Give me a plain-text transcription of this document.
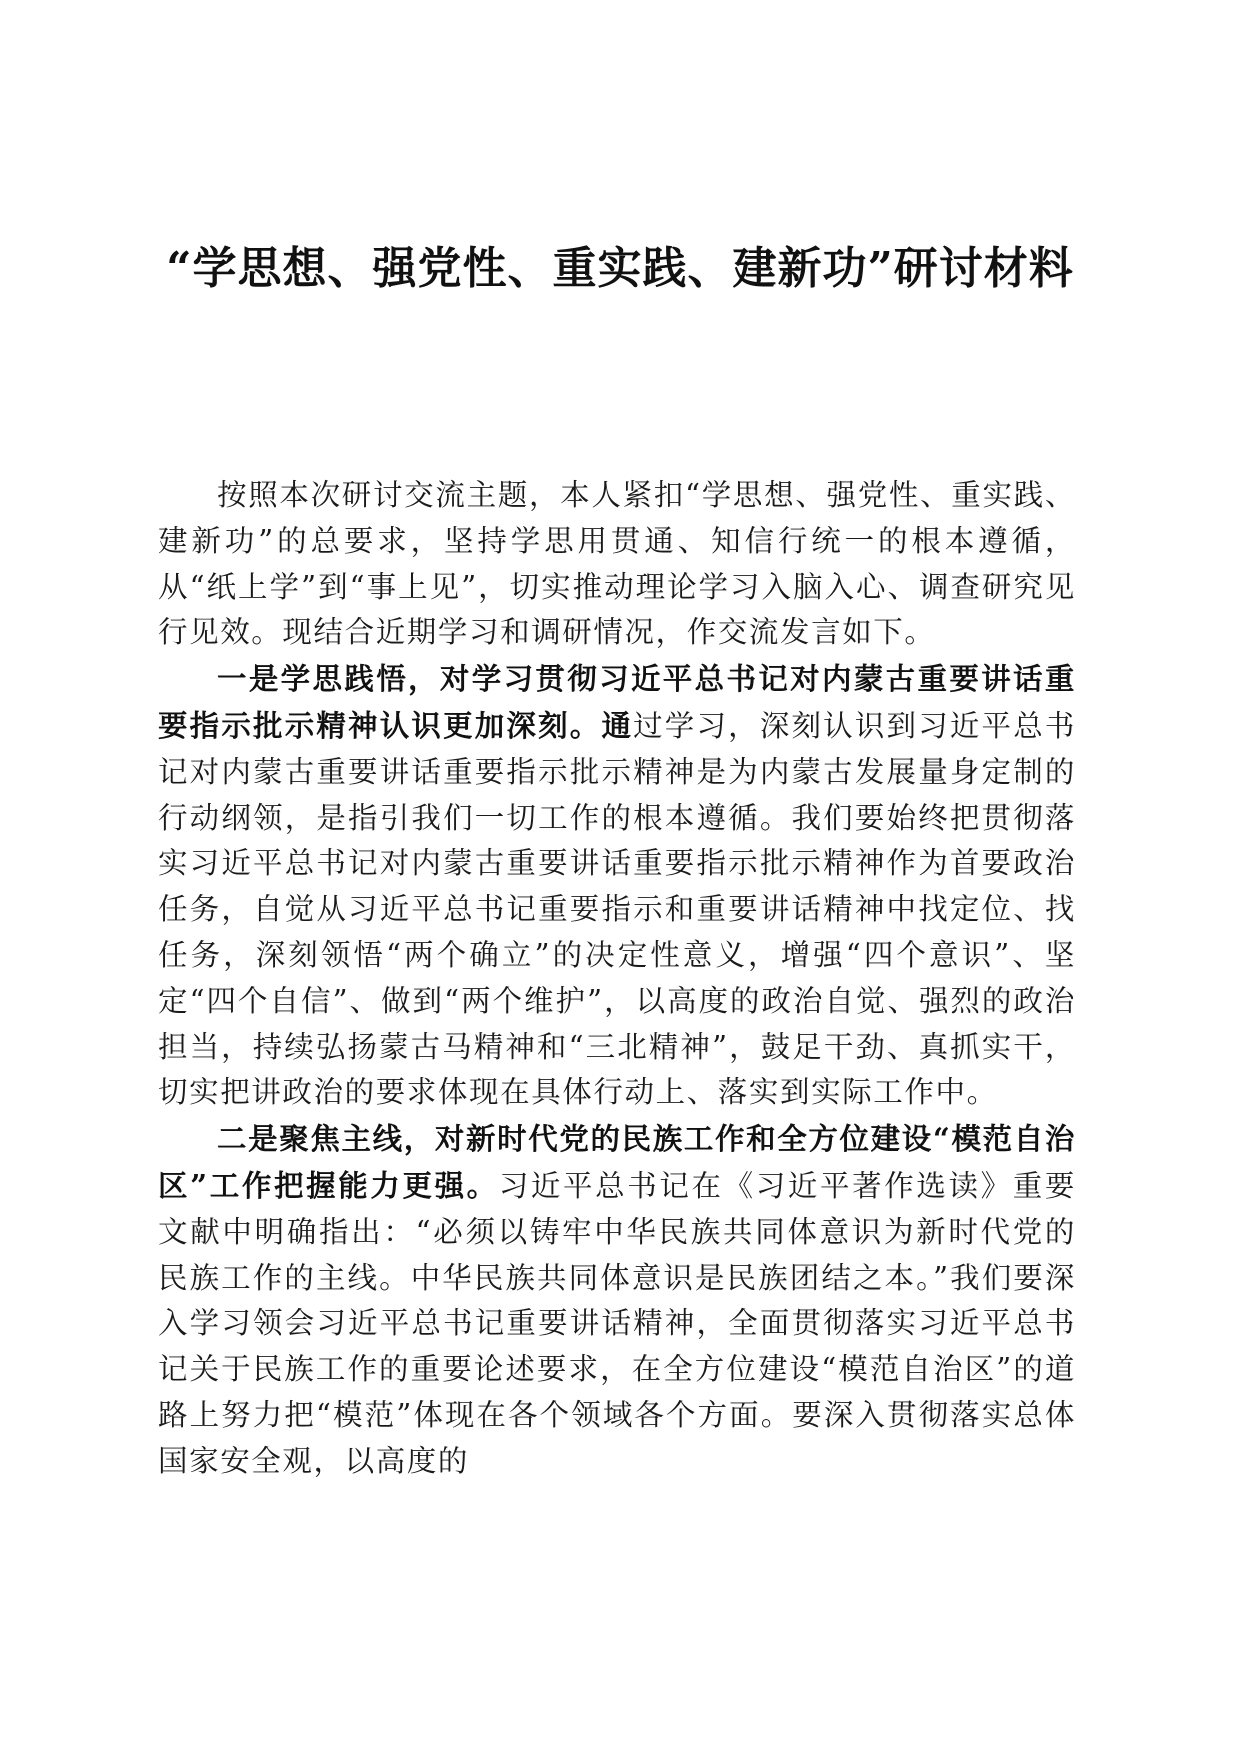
“学思想、强党性、重实践、建新功”研讨材料

按照本次研讨交流主题，本人紧扣“学思想、强党性、重实践、建新功”的总要求，坚持学思用贯通、知信行统一的根本遵循，从“纸上学”到“事上见”，切实推动理论学习入脑入心、调查研究见行见效。现结合近期学习和调研情况，作交流发言如下。

一是学思践悟，对学习贯彻习近平总书记对内蒙古重要讲话重要指示批示精神认识更加深刻。通过学习，深刻认识到习近平总书记对内蒙古重要讲话重要指示批示精神是为内蒙古发展量身定制的行动纲领，是指引我们一切工作的根本遵循。我们要始终把贯彻落实习近平总书记对内蒙古重要讲话重要指示批示精神作为首要政治任务，自觉从习近平总书记重要指示和重要讲话精神中找定位、找任务，深刻领悟“两个确立”的决定性意义，增强“四个意识”、坚定“四个自信”、做到“两个维护”，以高度的政治自觉、强烈的政治担当，持续弘扬蒙古马精神和“三北精神”，鼓足干劲、真抓实干，切实把讲政治的要求体现在具体行动上、落实到实际工作中。

二是聚焦主线，对新时代党的民族工作和全方位建设“模范自治区”工作把握能力更强。习近平总书记在《习近平著作选读》重要文献中明确指出：“必须以铸牢中华民族共同体意识为新时代党的民族工作的主线。中华民族共同体意识是民族团结之本。”我们要深入学习领会习近平总书记重要讲话精神，全面贯彻落实习近平总书记关于民族工作的重要论述要求，在全方位建设“模范自治区”的道路上努力把“模范”体现在各个领域各个方面。要深入贯彻落实总体国家安全观，以高度的
